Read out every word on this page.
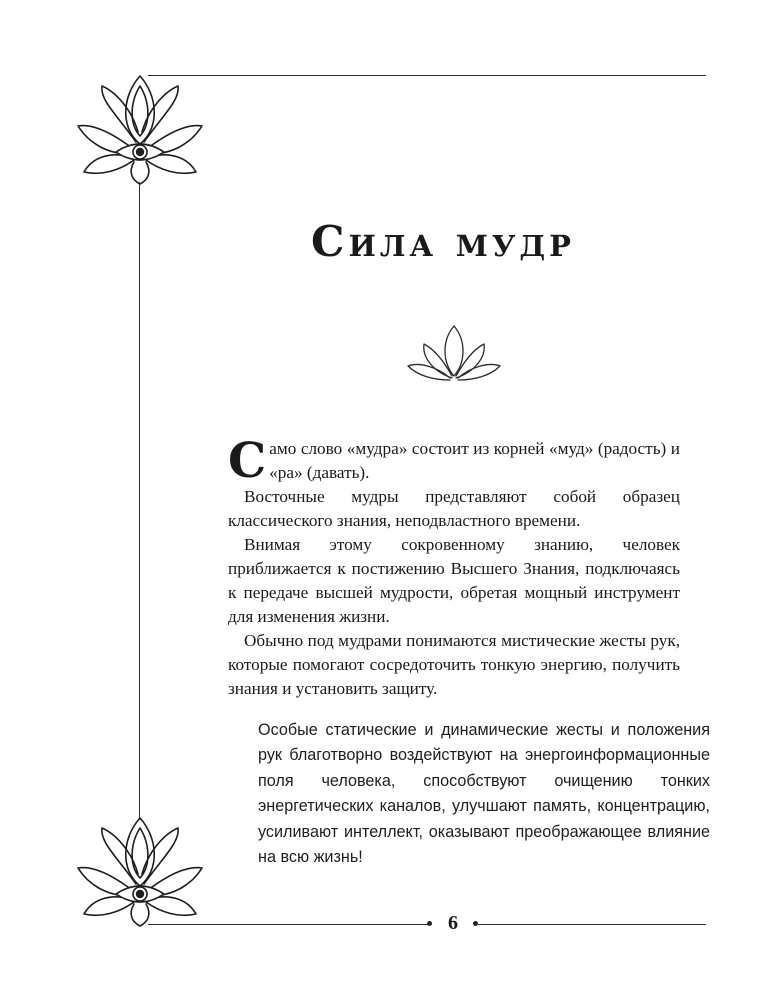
6
Сила мудр

Само слово «мудра» состоит из корней «муд» (радость) и «ра» (давать).

Восточные мудры представляют собой образец классического знания, неподвластного времени.

Внимая этому сокровенному знанию, человек приближается к постижению Высшего Знания, подключаясь к передаче высшей мудрости, обретая мощный инструмент для изменения жизни.

Обычно под мудрами понимаются мистические жесты рук, которые помогают сосредоточить тонкую энергию, получить знания и установить защиту.

Особые статические и динамические жесты и положения рук благотворно воздействуют на энергоинформационные поля человека, способствуют очищению тонких энергетических каналов, улучшают память, концентрацию, усиливают интеллект, оказывают преображающее влияние на всю жизнь!
